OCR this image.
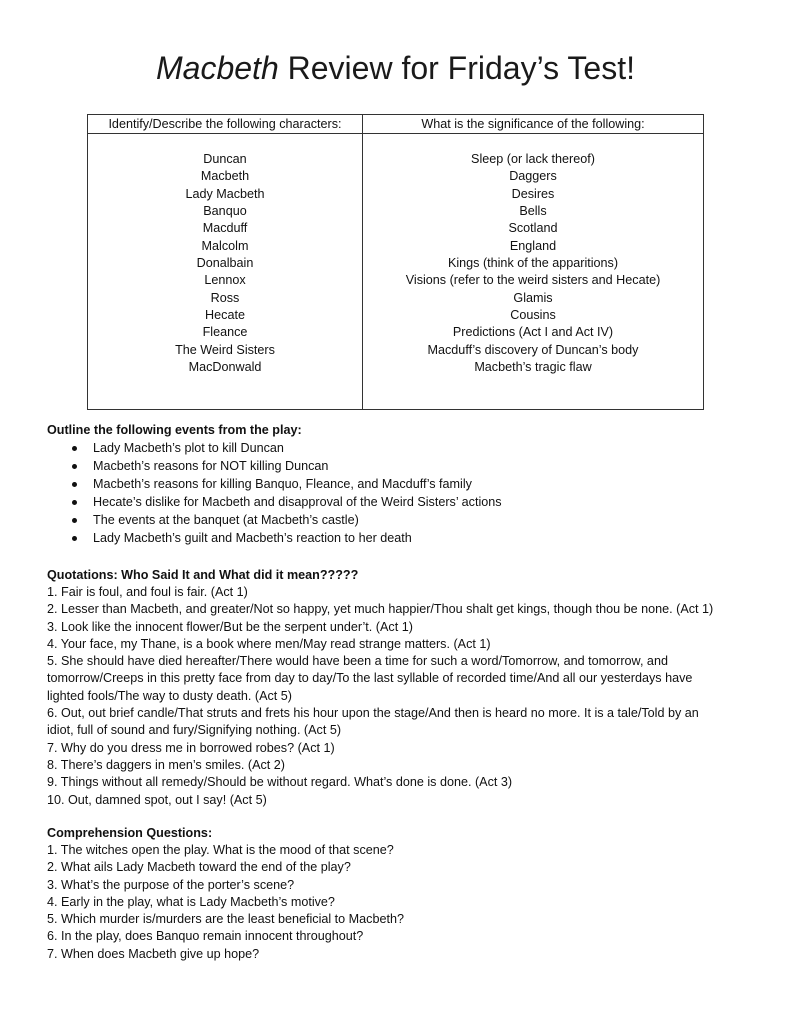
Macbeth Review for Friday’s Test!
Identify/Describe the following characters:
Duncan
Macbeth
Lady Macbeth
Banquo
Macduff
Malcolm
Donalbain
Lennox
Ross
Hecate
Fleance
The Weird Sisters
MacDonwald
What is the significance of the following:
Sleep (or lack thereof)
Daggers
Desires
Bells
Scotland
England
Kings (think of the apparitions)
Visions (refer to the weird sisters and Hecate)
Glamis
Cousins
Predictions (Act I and Act IV)
Macduff’s discovery of Duncan’s body
Macbeth’s tragic flaw
Outline the following events from the play:
Lady Macbeth’s plot to kill Duncan
Macbeth’s reasons for NOT killing Duncan
Macbeth’s reasons for killing Banquo, Fleance, and Macduff’s family
Hecate’s dislike for Macbeth and disapproval of the Weird Sisters’ actions
The events at the banquet (at Macbeth’s castle)
Lady Macbeth’s guilt and Macbeth’s reaction to her death
Quotations: Who Said It and What did it mean?????
1. Fair is foul, and foul is fair. (Act 1)
2. Lesser than Macbeth, and greater/Not so happy, yet much happier/Thou shalt get kings, though thou be none. (Act 1)
3. Look like the innocent flower/But be the serpent under’t. (Act 1)
4. Your face, my Thane, is a book where men/May read strange matters. (Act 1)
5. She should have died hereafter/There would have been a time for such a word/Tomorrow, and tomorrow, and
tomorrow/Creeps in this pretty face from day to day/To the last syllable of recorded time/And all our yesterdays have
lighted fools/The way to dusty death. (Act 5)
6. Out, out brief candle/That struts and frets his hour upon the stage/And then is heard no more. It is a tale/Told by an
idiot, full of sound and fury/Signifying nothing. (Act 5)
7. Why do you dress me in borrowed robes? (Act 1)
8. There’s daggers in men’s smiles. (Act 2)
9. Things without all remedy/Should be without regard. What’s done is done. (Act 3)
10. Out, damned spot, out I say! (Act 5)
Comprehension Questions:
1. The witches open the play. What is the mood of that scene?
2. What ails Lady Macbeth toward the end of the play?
3. What’s the purpose of the porter’s scene?
4. Early in the play, what is Lady Macbeth’s motive?
5. Which murder is/murders are the least beneficial to Macbeth?
6. In the play, does Banquo remain innocent throughout?
7. When does Macbeth give up hope?
